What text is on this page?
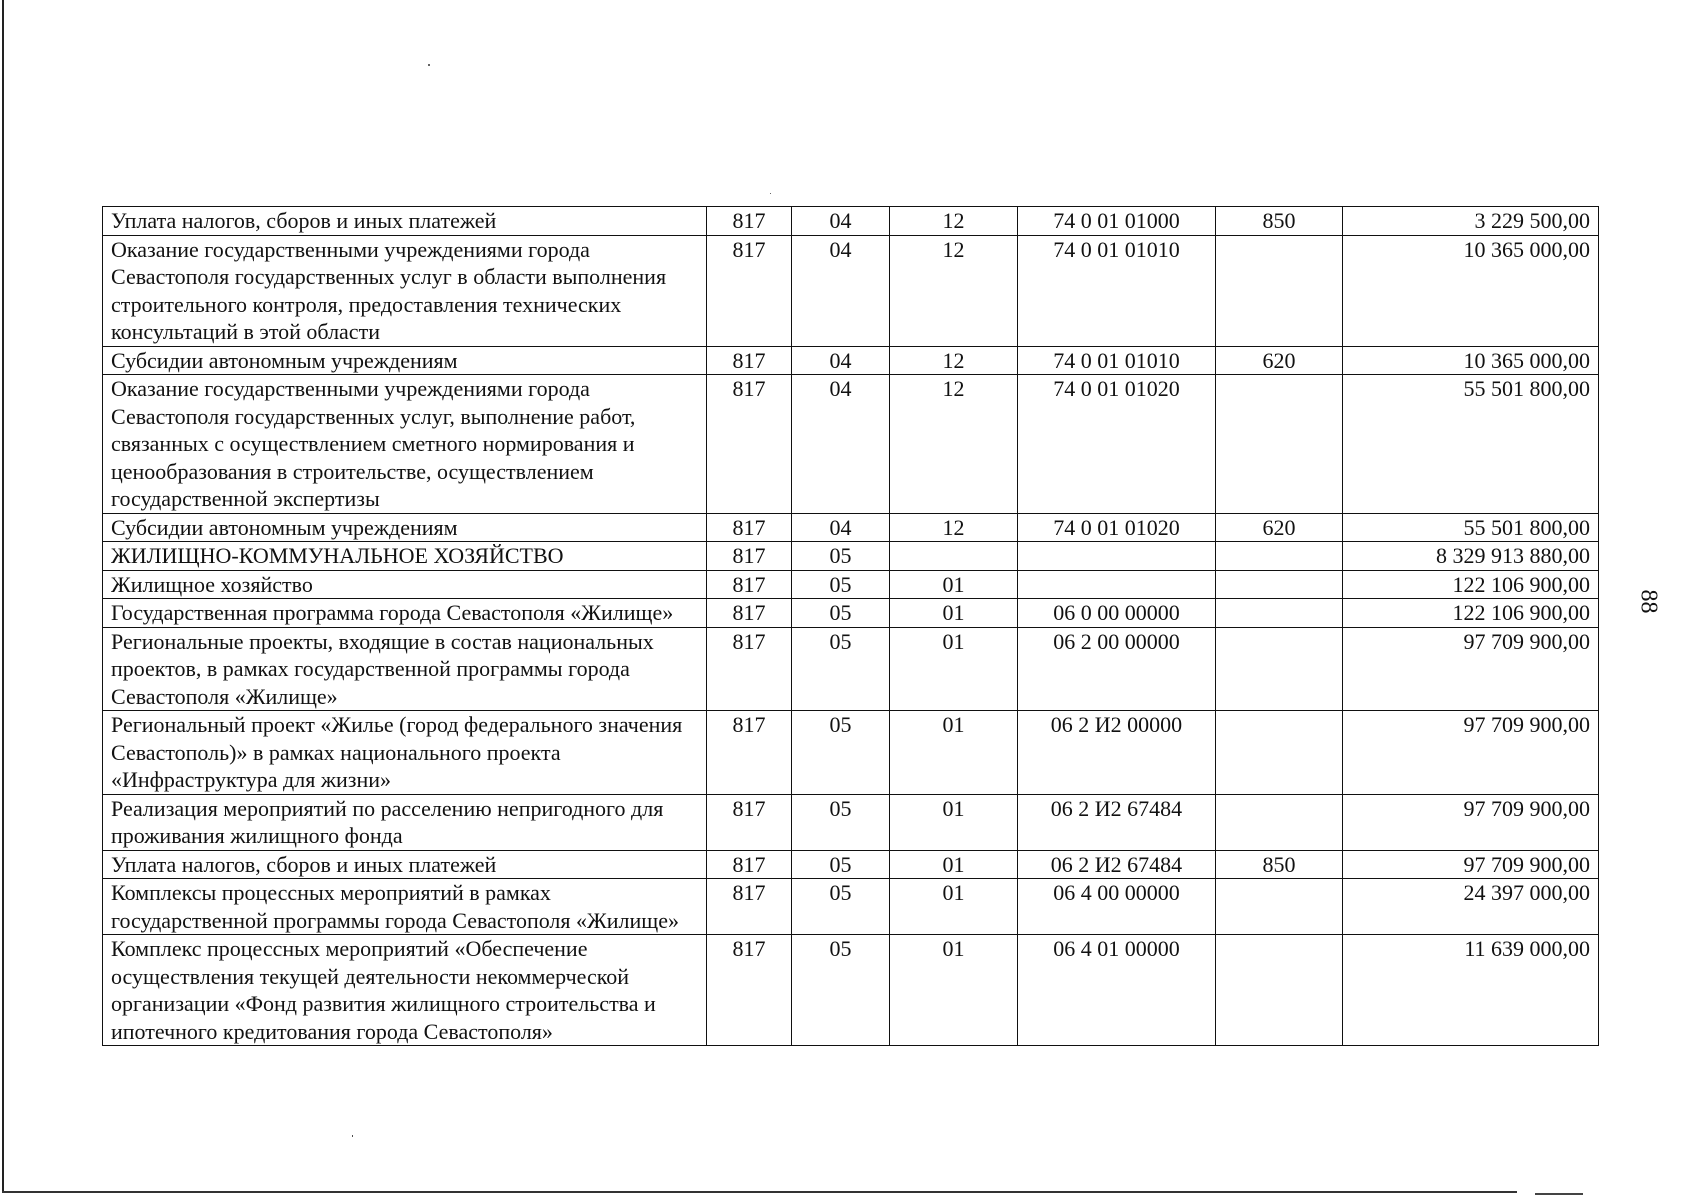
88
Уплата налогов, сборов и иных платежей	817	04	12	74 0 01 01000	850	3 229 500,00
Оказание государственными учреждениями города Севастополя государственных услуг в области выполнения строительного контроля, предоставления технических консультаций в этой области	817	04	12	74 0 01 01010		10 365 000,00
Субсидии автономным учреждениям	817	04	12	74 0 01 01010	620	10 365 000,00
Оказание государственными учреждениями города Севастополя государственных услуг, выполнение работ, связанных с осуществлением сметного нормирования и ценообразования в строительстве, осуществлением государственной экспертизы	817	04	12	74 0 01 01020		55 501 800,00
Субсидии автономным учреждениям	817	04	12	74 0 01 01020	620	55 501 800,00
ЖИЛИЩНО-КОММУНАЛЬНОЕ ХОЗЯЙСТВО	817	05				8 329 913 880,00
Жилищное хозяйство	817	05	01			122 106 900,00
Государственная программа города Севастополя «Жилище»	817	05	01	06 0 00 00000		122 106 900,00
Региональные проекты, входящие в состав национальных проектов, в рамках государственной программы города Севастополя «Жилище»	817	05	01	06 2 00 00000		97 709 900,00
Региональный проект «Жилье (город федерального значения Севастополь)» в рамках национального проекта «Инфраструктура для жизни»	817	05	01	06 2 И2 00000		97 709 900,00
Реализация мероприятий по расселению непригодного для проживания жилищного фонда	817	05	01	06 2 И2 67484		97 709 900,00
Уплата налогов, сборов и иных платежей	817	05	01	06 2 И2 67484	850	97 709 900,00
Комплексы процессных мероприятий в рамках государственной программы города Севастополя «Жилище»	817	05	01	06 4 00 00000		24 397 000,00
Комплекс процессных мероприятий «Обеспечение осуществления текущей деятельности некоммерческой организации «Фонд развития жилищного строительства и ипотечного кредитования города Севастополя»	817	05	01	06 4 01 00000		11 639 000,00
